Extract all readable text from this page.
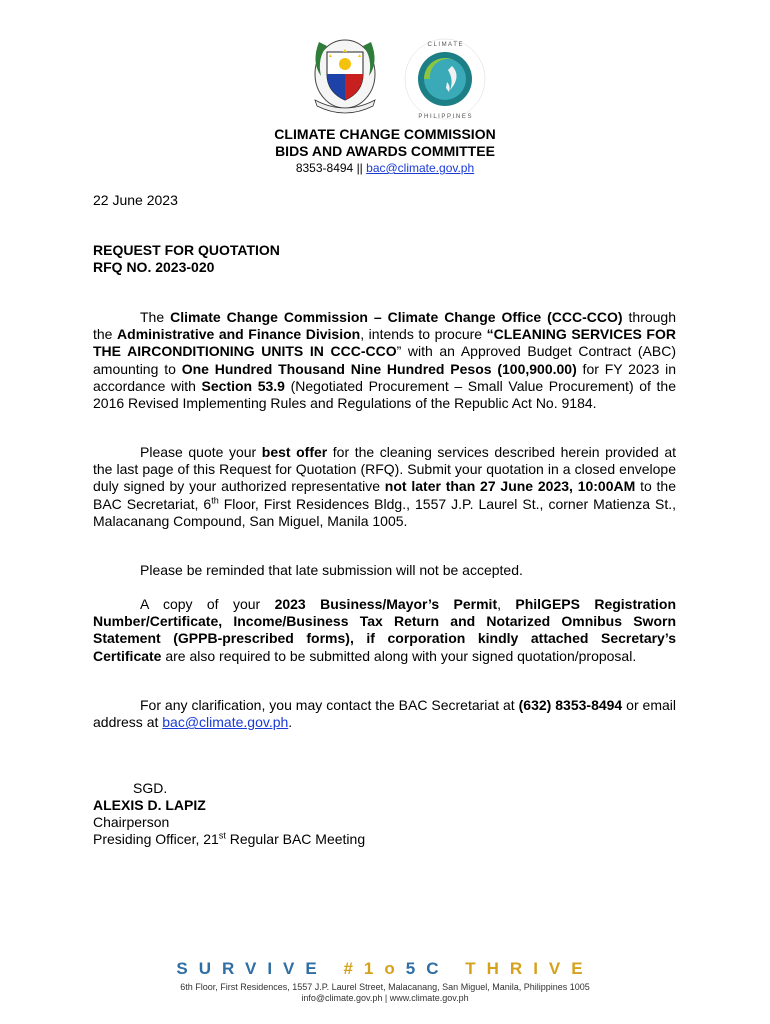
C L I M A T E
P H I L I P P I N E S
CLIMATE CHANGE COMMISSION
BIDS AND AWARDS COMMITTEE
8353-8494 || bac@climate.gov.ph
22 June 2023
REQUEST FOR QUOTATION
RFQ NO. 2023-020
The Climate Change Commission – Climate Change Office (CCC-CCO) through the Administrative and Finance Division, intends to procure “CLEANING SERVICES FOR THE AIRCONDITIONING UNITS IN CCC-CCO” with an Approved Budget Contract (ABC) amounting to One Hundred Thousand Nine Hundred Pesos (100,900.00) for FY 2023 in accordance with Section 53.9 (Negotiated Procurement – Small Value Procurement) of the 2016 Revised Implementing Rules and Regulations of the Republic Act No. 9184.
Please quote your best offer for the cleaning services described herein provided at the last page of this Request for Quotation (RFQ). Submit your quotation in a closed envelope duly signed by your authorized representative not later than 27 June 2023, 10:00AM to the BAC Secretariat, 6th Floor, First Residences Bldg., 1557 J.P. Laurel St., corner Matienza St., Malacanang Compound, San Miguel, Manila 1005.
Please be reminded that late submission will not be accepted.
A copy of your 2023 Business/Mayor’s Permit, PhilGEPS Registration Number/Certificate, Income/Business Tax Return and Notarized Omnibus Sworn Statement (GPPB-prescribed forms), if corporation kindly attached Secretary’s Certificate are also required to be submitted along with your signed quotation/proposal.
For any clarification, you may contact the BAC Secretariat at (632) 8353-8494 or email address at bac@climate.gov.ph.
SGD.
ALEXIS D. LAPIZ
Chairperson
Presiding Officer, 21st Regular BAC Meeting
SURVIVE #1o5C THRIVE
6th Floor, First Residences, 1557 J.P. Laurel Street, Malacanang, San Miguel, Manila, Philippines 1005
info@climate.gov.ph | www.climate.gov.ph
